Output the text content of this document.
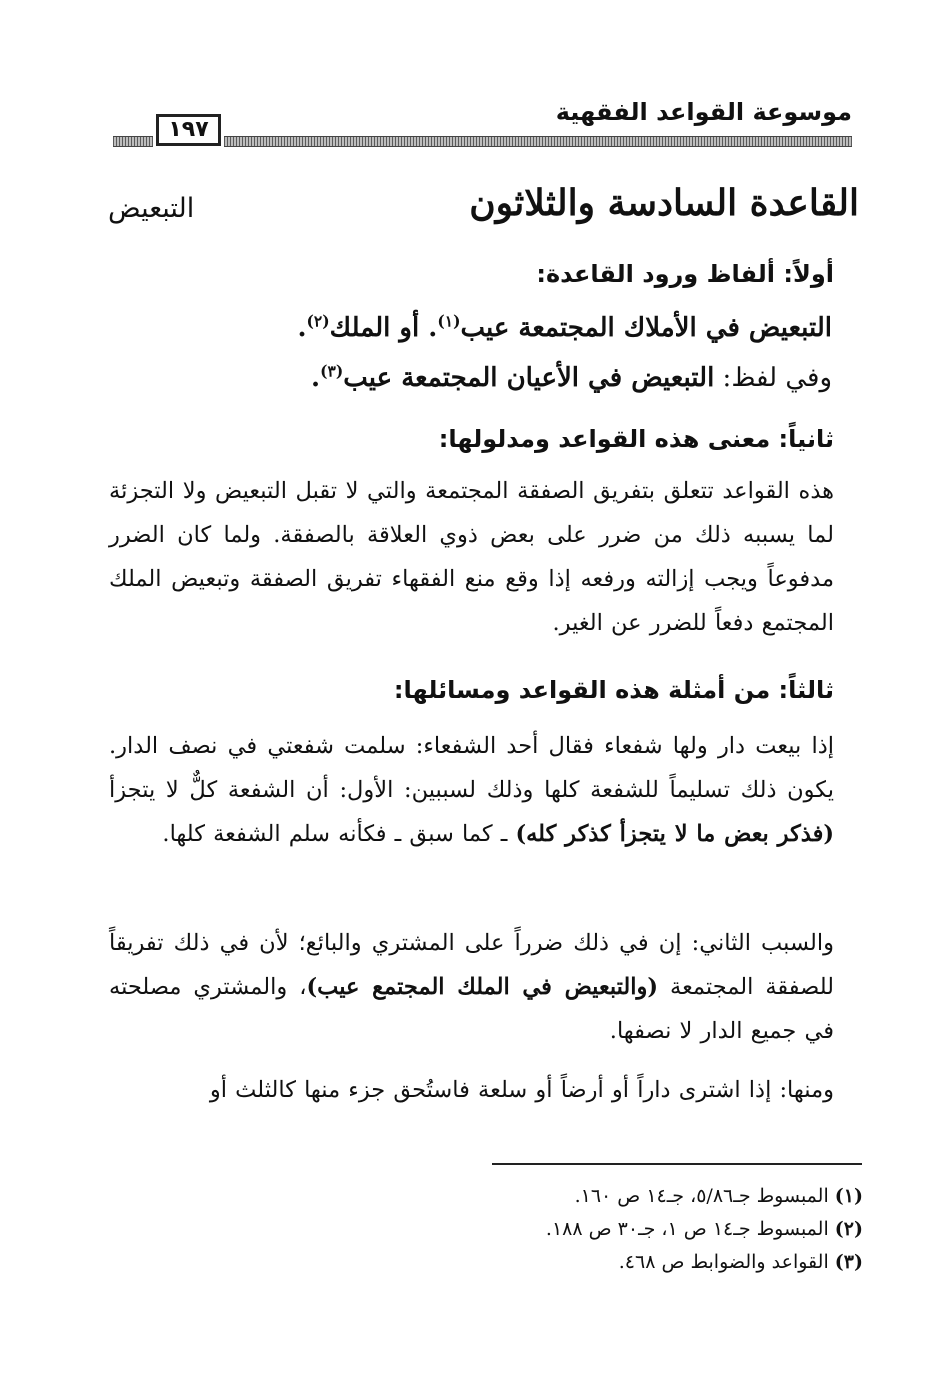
موسوعة القواعد الفقهية
١٩٧
القاعدة السادسة والثلاثون
التبعيض
أولاً: ألفاظ ورود القاعدة:
التبعيض في الأملاك المجتمعة عيب$^{(١)}$. أو الملك$^{(٢)}$.
وفي لفظ: التبعيض في الأعيان المجتمعة عيب$^{(٣)}$.
ثانياً: معنى هذه القواعد ومدلولها:
هذه القواعد تتعلق بتفريق الصفقة المجتمعة والتي لا تقبل التبعيض ولا التجزئة لما يسببه ذلك من ضرر على بعض ذوي العلاقة بالصفقة. ولما كان الضرر مدفوعاً ويجب إزالته ورفعه إذا وقع منع الفقهاء تفريق الصفقة وتبعيض الملك المجتمع دفعاً للضرر عن الغير.
ثالثاً: من أمثلة هذه القواعد ومسائلها:
إذا بيعت دار ولها شفعاء فقال أحد الشفعاء: سلمت شفعتي في نصف الدار. يكون ذلك تسليماً للشفعة كلها وذلك لسببين: الأول: أن الشفعة كلٌّ لا يتجزأ (فذكر بعض ما لا يتجزأ كذكر كله) ـ كما سبق ـ فكأنه سلم الشفعة كلها.
والسبب الثاني: إن في ذلك ضرراً على المشتري والبائع؛ لأن في ذلك تفريقاً للصفقة المجتمعة (والتبعيض في الملك المجتمع عيب)، والمشتري مصلحته في جميع الدار لا نصفها.
ومنها: إذا اشترى داراً أو أرضاً أو سلعة فاستُحق جزء منها كالثلث أو
(١) المبسوط جـ٥/٨٦، جـ١٤ ص ١٦٠.
(٢) المبسوط جـ١٤ ص ١، جـ٣٠ ص ١٨٨.
(٣) القواعد والضوابط ص ٤٦٨.
